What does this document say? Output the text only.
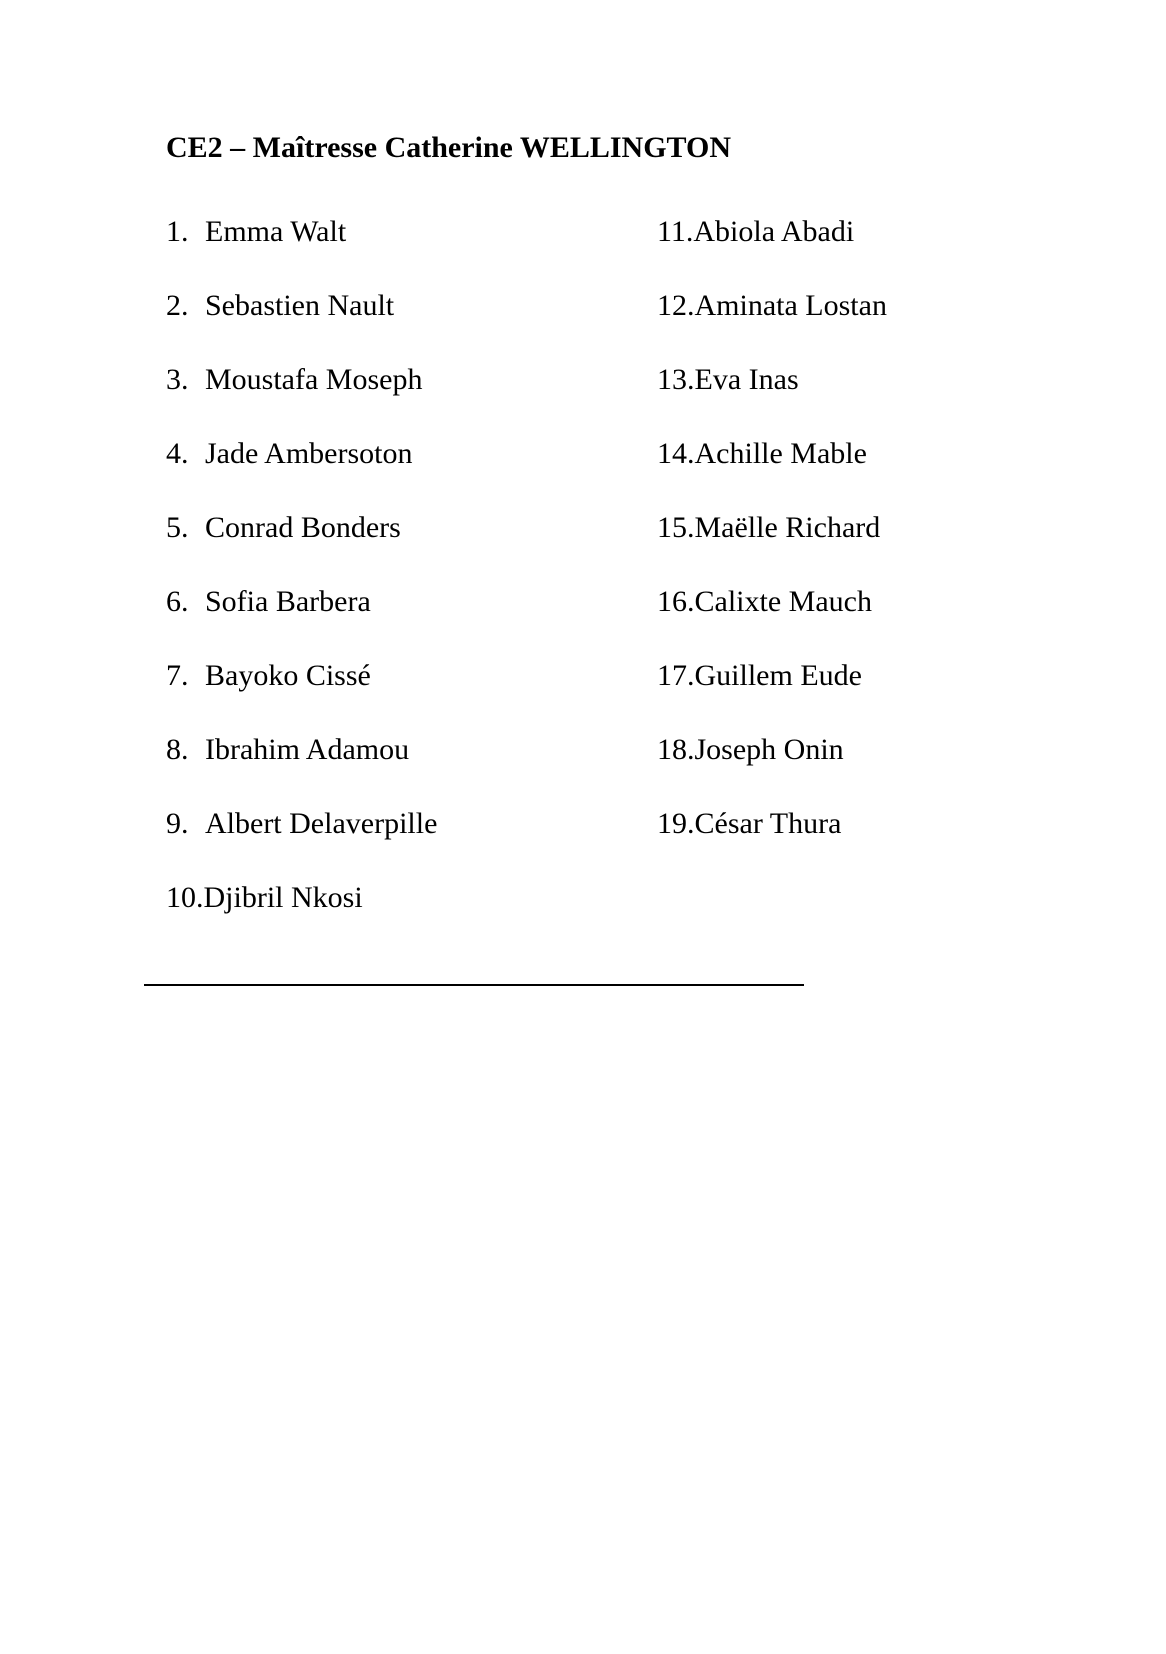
CE2 – Maîtresse Catherine WELLINGTON
1. Emma Walt
2. Sebastien Nault
3. Moustafa Moseph
4. Jade Ambersoton
5. Conrad Bonders
6. Sofia Barbera
7. Bayoko Cissé
8. Ibrahim Adamou
9. Albert Delaverpille
10. Djibril Nkosi
11. Abiola Abadi
12. Aminata Lostan
13. Eva Inas
14. Achille Mable
15. Maëlle Richard
16. Calixte Mauch
17. Guillem Eude
18. Joseph Onin
19. César Thura
